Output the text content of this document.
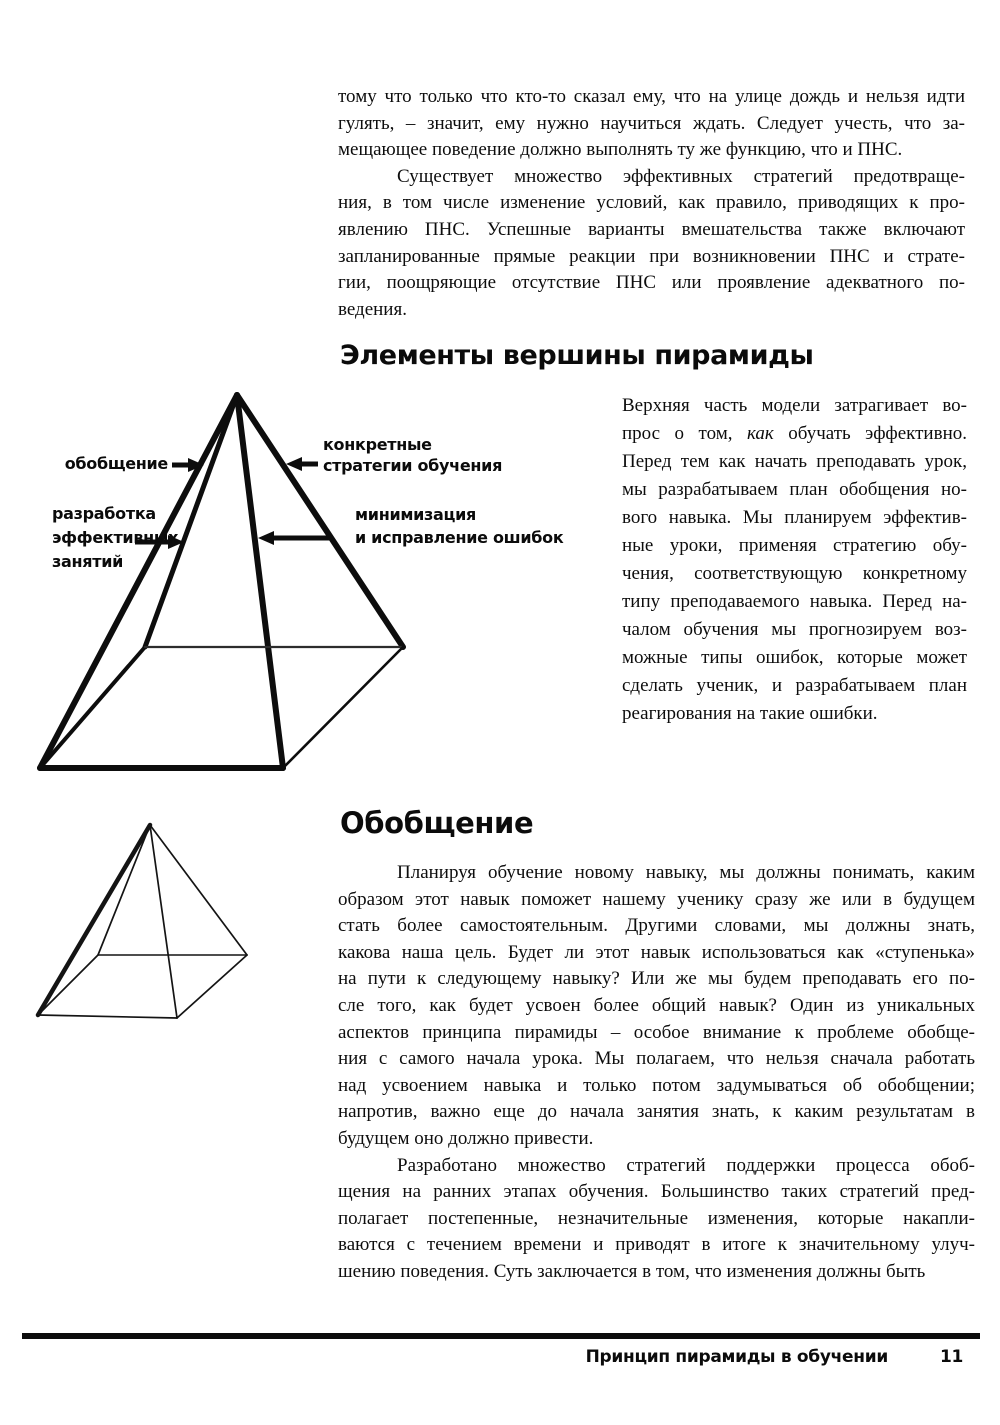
тому что только что кто-то сказал ему, что на улице дождь и нельзя идти
гулять, – значит, ему нужно научиться ждать. Следует учесть, что за-
мещающее поведение должно выполнять ту же функцию, что и ПНС.
Существует множество эффективных стратегий предотвраще-
ния, в том числе изменение условий, как правило, приводящих к про-
явлению ПНС. Успешные варианты вмешательства также включают
запланированные прямые реакции при возникновении ПНС и страте-
гии, поощряющие отсутствие ПНС или проявление адекватного по-
ведения.
Элементы вершины пирамиды
обобщение
конкретные
стратегии обучения
разработка
эффективных
занятий
минимизация
и исправление ошибок
Верхняя часть модели затрагивает во-
прос о том, как обучать эффективно.
Перед тем как начать преподавать урок,
мы разрабатываем план обобщения но-
вого навыка. Мы планируем эффектив-
ные уроки, применяя стратегию обу-
чения, соответствующую конкретному
типу преподаваемого навыка. Перед на-
чалом обучения мы прогнозируем воз-
можные типы ошибок, которые может
сделать ученик, и разрабатываем план
реагирования на такие ошибки.
Обобщение
Планируя обучение новому навыку, мы должны понимать, каким
образом этот навык поможет нашему ученику сразу же или в будущем
стать более самостоятельным. Другими словами, мы должны знать,
какова наша цель. Будет ли этот навык использоваться как «ступенька»
на пути к следующему навыку? Или же мы будем преподавать его по-
сле того, как будет усвоен более общий навык? Один из уникальных
аспектов принципа пирамиды – особое внимание к проблеме обобще-
ния с самого начала урока. Мы полагаем, что нельзя сначала работать
над усвоением навыка и только потом задумываться об обобщении;
напротив, важно еще до начала занятия знать, к каким результатам в
будущем оно должно привести.
Разработано множество стратегий поддержки процесса обоб-
щения на ранних этапах обучения. Большинство таких стратегий пред-
полагает постепенные, незначительные изменения, которые накапли-
ваются с течением времени и приводят в итоге к значительному улуч-
шению поведения. Суть заключается в том, что изменения должны быть
Принцип пирамиды в обучении	11
